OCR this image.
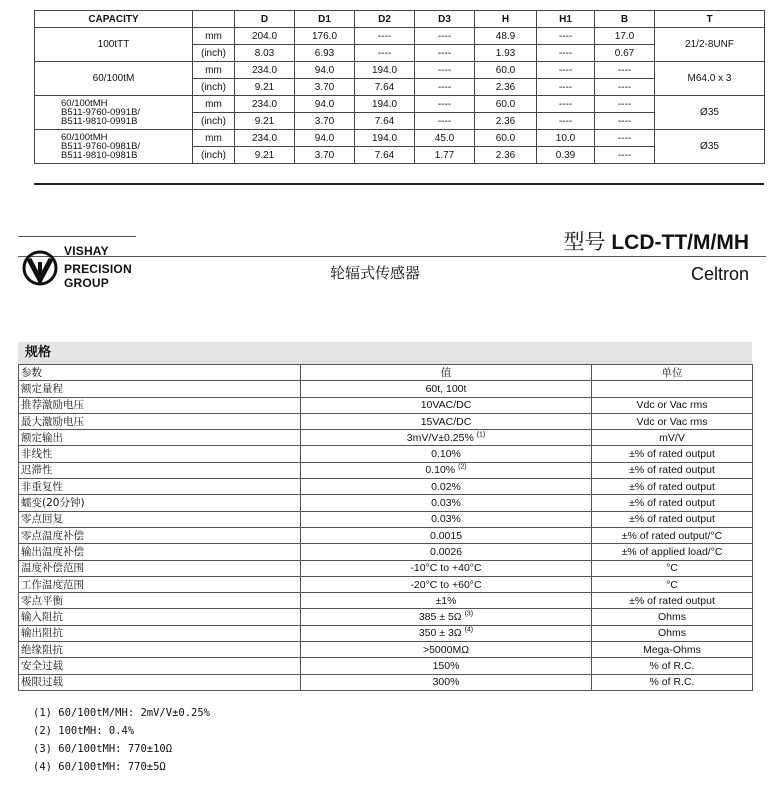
CAPACITY		D	D1	D2	D3	H	H1	B	T

100tTT	mm	204.0	176.0	----	----	48.9	----	17.0	21/2-8UNF
	(inch)	8.03	6.93	----	----	1.93	----	0.67	

60/100tM	mm	234.0	94.0	194.0	----	60.0	----	----	M64.0 x 3
	(inch)	9.21	3.70	7.64	----	2.36	----	----	

60/100tMH
B511-9760-0991B/
B511-9810-0991B	mm	234.0	94.0	194.0	----	60.0	----	----	Ø35
	(inch)	9.21	3.70	7.64	----	2.36	----	----	

60/100tMH
B511-9760-0981B/
B511-9810-0981B	mm	234.0	94.0	194.0	45.0	60.0	10.0	----	Ø35
	(inch)	9.21	3.70	7.64	1.77	2.36	0.39	----	
VISHAY
PRECISION
GROUP
型号 LCD-TT/M/MH
轮辐式传感器	Celtron
规格
参数	值	单位
额定量程	60t, 100t	
推荐激励电压	10VAC/DC	Vdc or Vac rms
最大激励电压	15VAC/DC	Vdc or Vac rms
额定输出	3mV/V±0.25% $^{(1)}$	mV/V
非线性	0.10%	±% of rated output
迟滞性	0.10% $^{(2)}$	±% of rated output
非重复性	0.02%	±% of rated output
蠕变(20分钟)	0.03%	±% of rated output
零点回复	0.03%	±% of rated output
零点温度补偿	0.0015	±% of rated output/°C
输出温度补偿	0.0026	±% of applied load/°C
温度补偿范围	-10°C to +40°C	°C
工作温度范围	-20°C to +60°C	°C
零点平衡	±1%	±% of rated output
输入阻抗	385 ± 5Ω $^{(3)}$	Ohms
输出阻抗	350 ± 3Ω $^{(4)}$	Ohms
绝缘阻抗	>5000MΩ	Mega-Ohms
安全过载	150%	% of R.C.
极限过载	300%	% of R.C.
(1) 60/100tM/MH: 2mV/V±0.25%
(2) 100tMH: 0.4%
(3) 60/100tMH: 770±10Ω
(4) 60/100tMH: 770±5Ω
